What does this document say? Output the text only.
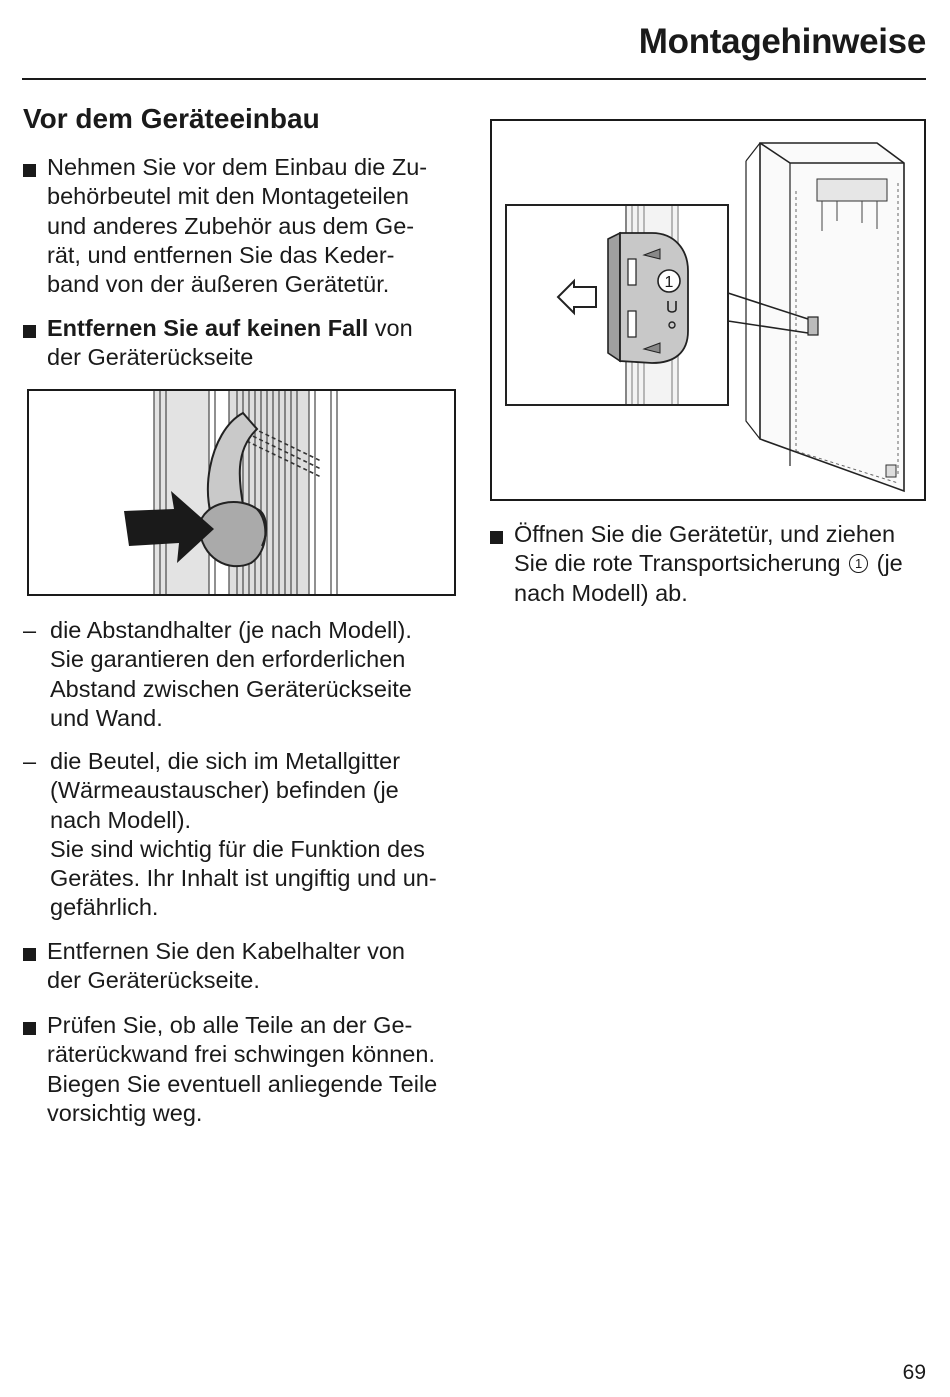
Montagehinweise
Vor dem Geräteeinbau

Nehmen Sie vor dem Einbau die Zu-

behörbeutel mit den Montageteilen

und anderes Zubehör aus dem Ge-

rät, und entfernen Sie das Keder-

band von der äußeren Gerätetür.

Entfernen Sie auf keinen Fall von

der Geräterückseite

– die Abstandhalter (je nach Modell).

Sie garantieren den erforderlichen

Abstand zwischen Geräterückseite

und Wand.

– die Beutel, die sich im Metallgitter

(Wärmeaustauscher) befinden (je

nach Modell).

Sie sind wichtig für die Funktion des

Gerätes. Ihr Inhalt ist ungiftig und un-

gefährlich.

Entfernen Sie den Kabelhalter von

der Geräterückseite.

Prüfen Sie, ob alle Teile an der Ge-

räterückwand frei schwingen können.

Biegen Sie eventuell anliegende Teile

vorsichtig weg.

1

Öffnen Sie die Gerätetür, und ziehen

Sie die rote Transportsicherung 1 (je

nach Modell) ab.

69
